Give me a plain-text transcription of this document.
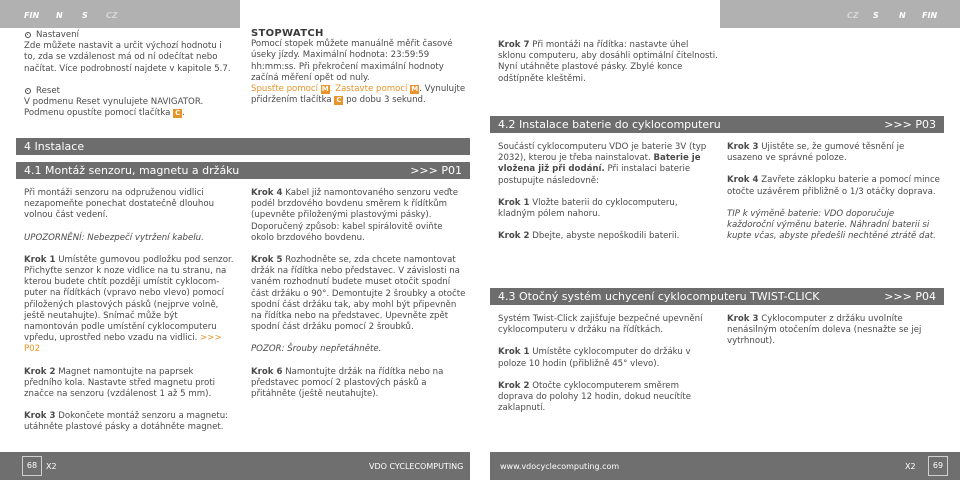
FIN N S CZ
Nastavení
Zde můžete nastavit a určit výchozí hodnotu i to, zda se vzdálenost má od ní odečítat nebo načítat. Více podrobností najdete v kapitole 5.7.
Reset
V podmenu Reset vynulujete NAVIGATOR.
Podmenu opustíte pomocí tlačítka C .
STOPWATCH
Pomocí stopek můžete manuálně měřit časové úseky jízdy. Maximální hodnota: 23:59:59 hh:mm:ss. Při překročení maximální hodnoty začíná měření opět od nuly.
Spusťte pomocí M. Zastavte pomocí M. Vynulujte
přidržením tlačítka C po dobu 3 sekund.
4 Instalace
4.1 Montáž senzoru, magnetu a držáku	>>> P01
Při montáži senzoru na odpruženou vidlici nezapomeňte ponechat dostatečně dlouhou volnou část vedení.
UPOZORNĚNÍ: Nebezpečí vytržení kabelu.
Krok 1 Umístěte gumovou podložku pod senzor. Přichyťte senzor k noze vidlice na tu stranu, na kterou budete chtít později umístit cyklocom-puter na řídítkách (vpravo nebo vlevo) pomocí přiložených plastových pásků (nejprve volně, ještě neutahujte). Snímač může být namontován podle umístění cyklocomputeru vpředu, uprostřed nebo vzadu na vidlici. >>> P02
Krok 2 Magnet namontujte na paprsek předního kola. Nastavte střed magnetu proti značce na senzoru (vzdálenost 1 až 5 mm).
Krok 3 Dokončete montáž senzoru a magnetu: utáhněte plastové pásky a dotáhněte magnet.
Krok 4 Kabel již namontovaného senzoru veďte podél brzdového bovdenu směrem k řídítkům (upevněte přiloženými plastovými pásky). Doporučený způsob: kabel spirálovitě oviňte okolo brzdového bovdenu.
Krok 5 Rozhodněte se, zda chcete namontovat držák na řídítka nebo představec. V závislosti na vaném rozhodnutí budete muset otočit spodní část držáku o 90°. Demontujte 2 šroubky a otočte spodní část držáku tak, aby mohl být připevněn na řídítka nebo na představec. Upevněte zpět spodní část držáku pomocí 2 šroubků.
POZOR: Šrouby nepřetáhněte.
Krok 6 Namontujte držák na řídítka nebo na představec pomocí 2 plastových pásků a přitáhněte (ještě neutahujte).
68	X2	VDO CYCLECOMPUTING
CZ S	N FIN
Krok 7 Při montáži na řídítka: nastavte úhel sklonu computeru, aby dosáhli optimální čitelnosti. Nyní utáhněte plastové pásky. Zbylé konce odštípněte kleštěmi.
4.2 Instalace baterie do cyklocomputeru	>>> P03
Součástí cyklocomputeru VDO je baterie 3V (typ 2032), kterou je třeba nainstalovat. Baterie je vložena již při dodání. Při instalaci baterie postupujte následovně:
Krok 1 Vložte baterii do cyklocomputeru, kladným pólem nahoru.
Krok 2 Dbejte, abyste nepoškodili baterii.
Krok 3 Ujistěte se, že gumové těsnění je usazeno ve správné poloze.
Krok 4 Zavřete záklopku baterie a pomocí mince otočte uzávěrem přibližně o 1/3 otáčky doprava.
TIP k výměně baterie: VDO doporučuje každoroční výměnu baterie. Náhradní baterii si kupte včas, abyste předešli nechtěné ztrátě dat.
4.3 Otočný systém uchycení cyklocomputeru TWIST-CLICK	>>> P04
Systém Twist-Click zajišťuje bezpečné upevnění cyklocomputeru v držáku na řídítkách.
Krok 1 Umístěte cyklocomputer do držáku v poloze 10 hodin (přibližně 45° vlevo).
Krok 2 Otočte cyklocomputerem směrem doprava do polohy 12 hodin, dokud neucítíte zaklapnutí.
Krok 3 Cyklocomputer z držáku uvolníte nenásilným otočením doleva (nesnažte se jej vytrhnout).
www.vdocyclecomputing.com	X2	69
